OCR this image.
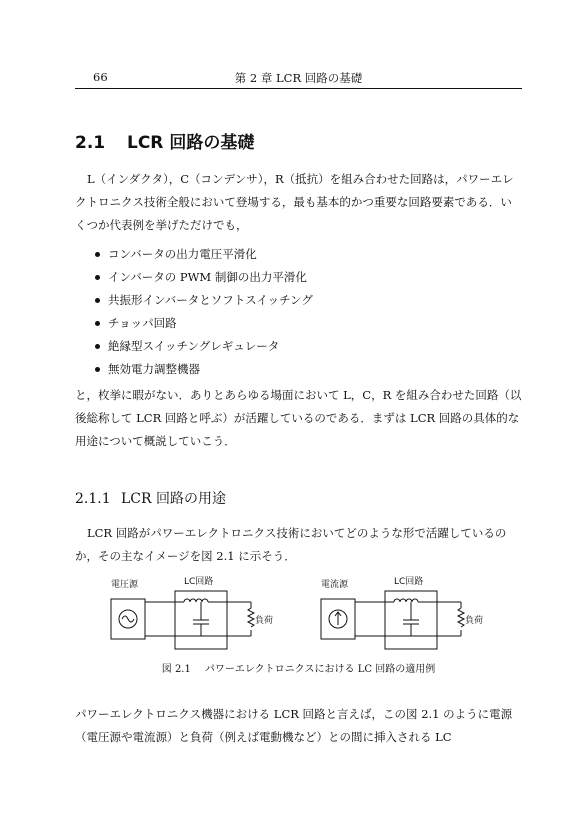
66	第 2 章 LCR 回路の基礎
2.1 LCR 回路の基礎

L（インダクタ），C（コンデンサ），R（抵抗）を組み合わせた回路は，パワーエレクトロニクス技術全般において登場する，最も基本的かつ重要な回路要素である．いくつか代表例を挙げただけでも，

コンバータの出力電圧平滑化
インバータの PWM 制御の出力平滑化
共振形インバータとソフトスイッチング
チョッパ回路
絶縁型スイッチングレギュレータ
無効電力調整機器

と，枚挙に暇がない．ありとあらゆる場面において L，C，R を組み合わせた回路（以後総称して LCR 回路と呼ぶ）が活躍しているのである．まずは LCR 回路の具体的な用途について概説していこう．

2.1.1 LCR 回路の用途

LCR 回路がパワーエレクトロニクス技術においてどのような形で活躍しているのか，その主なイメージを図 2.1 に示そう．

電圧源	LC回路
負荷
電流源	LC回路
負荷
図 2.1 パワーエレクトロニクスにおける LC 回路の適用例

パワーエレクトロニクス機器における LCR 回路と言えば，この図 2.1 のように電源（電圧源や電流源）と負荷（例えば電動機など）との間に挿入される LC
